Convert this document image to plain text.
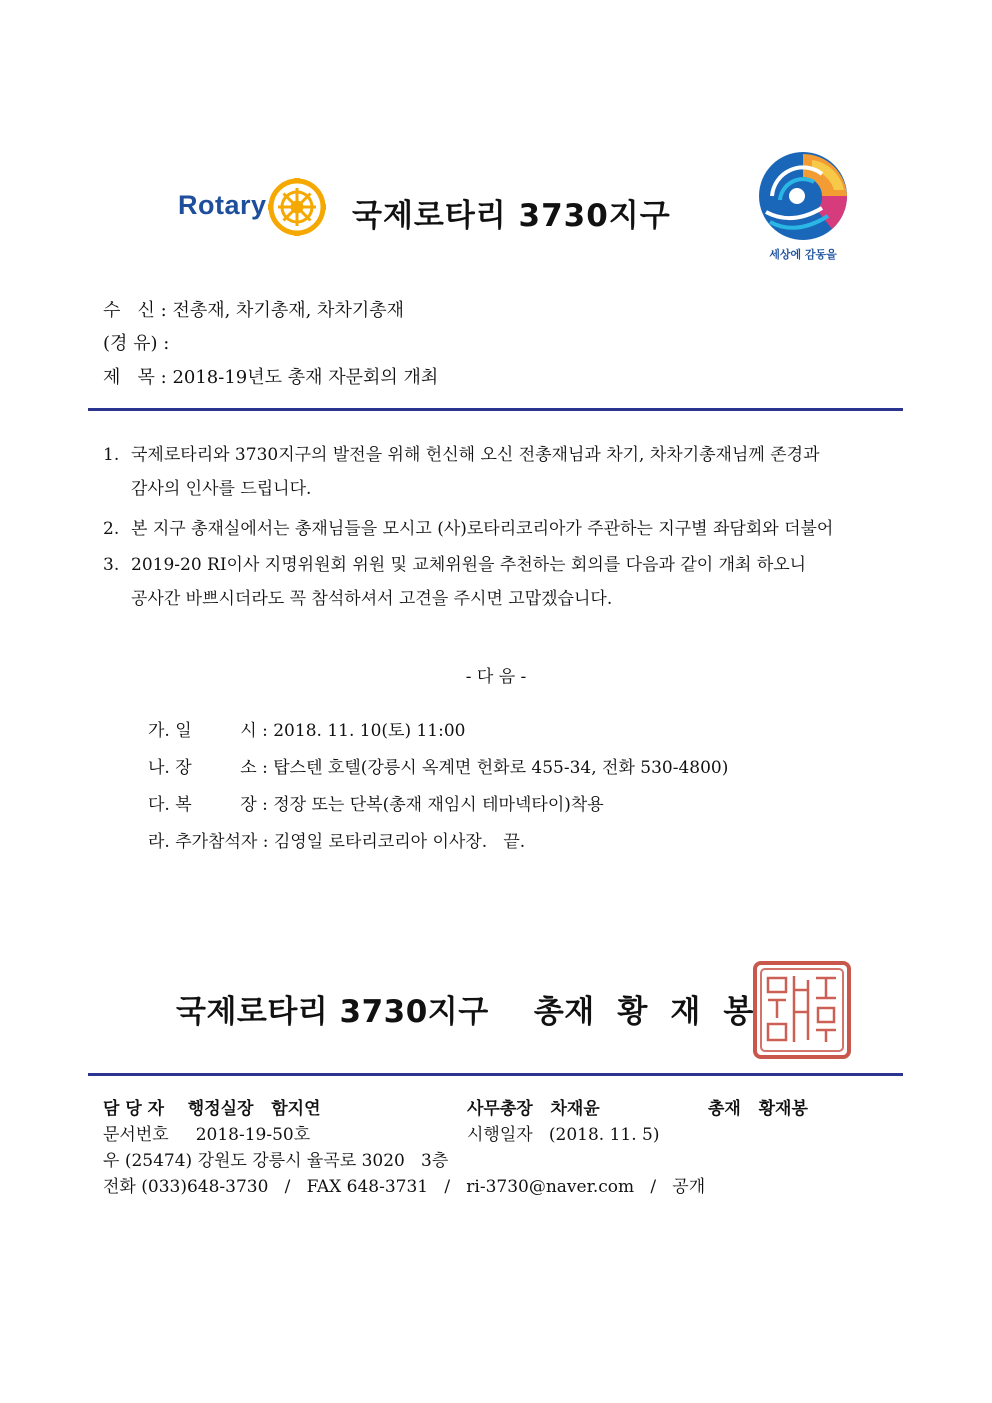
Rotary	국제로타리 3730지구
세상에 감동을
수   신 : 전총재, 차기총재, 차차기총재
(경 유) :
제   목 : 2018-19년도 총재 자문회의 개최
1. 국제로타리와 3730지구의 발전을 위해 헌신해 오신 전총재님과 차기, 차차기총재님께 존경과
감사의 인사를 드립니다.
2. 본 지구 총재실에서는 총재님들을 모시고 (사)로타리코리아가 주관하는 지구별 좌담회와 더불어
3. 2019-20 RI이사 지명위원회 위원 및 교체위원을 추천하는 회의를 다음과 같이 개최 하오니
공사간 바쁘시더라도 꼭 참석하셔서 고견을 주시면 고맙겠습니다.
- 다 음 -
가. 일         시 : 2018. 11. 10(토) 11:00
나. 장         소 : 탑스텐 호텔(강릉시 옥계면 헌화로 455-34, 전화 530-4800)
다. 복         장 : 정장 또는 단복(총재 재임시 테마넥타이)착용
라. 추가참석자 : 김영일 로타리코리아 이사장.   끝.
국제로타리 3730지구    총재  황  재  봉
담 당 자    행정실장   함지연	사무총장   차재윤	총재   황재봉
문서번호     2018-19-50호	시행일자   (2018. 11. 5)
우 (25474) 강원도 강릉시 율곡로 3020   3층
전화 (033)648-3730   /   FAX 648-3731   /   ri-3730@naver.com   /   공개
